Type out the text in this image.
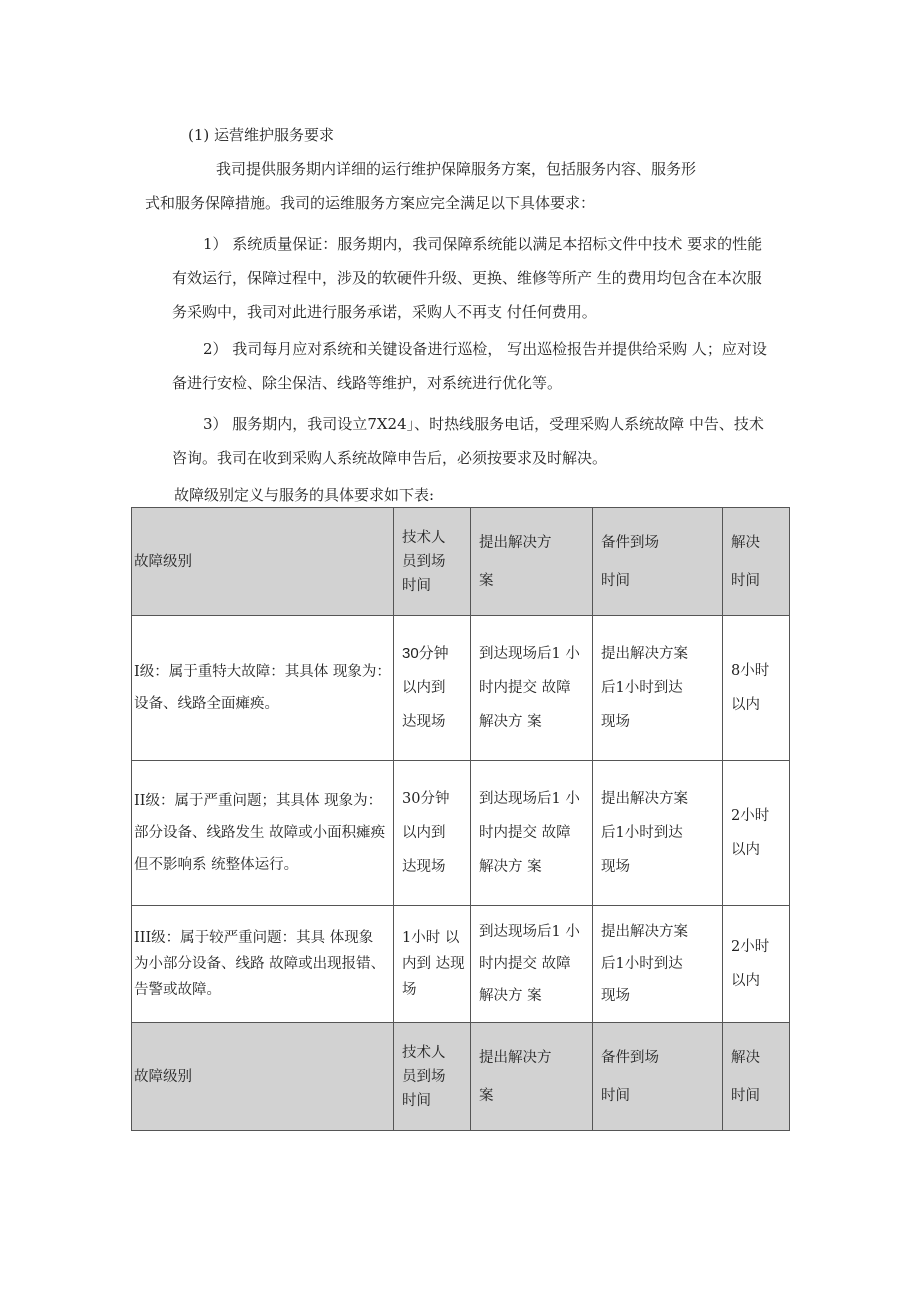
(1) 运营维护服务要求
我司提供服务期内详细的运行维护保障服务方案，包括服务内容、服务形
式和服务保障措施。我司的运维服务方案应完全满足以下具体要求：
1） 系统质量保证：服务期内，我司保障系统能以满足本招标文件中技术 要求的性能
有效运行，保障过程中，涉及的软硬件升级、更换、维修等所产 生的费用均包含在本次服
务采购中，我司对此进行服务承诺，采购人不再支 付任何费用。
2） 我司每月应对系统和关键设备进行巡检， 写出巡检报告并提供给采购 人；应对设
备进行安检、除尘保洁、线路等维护，对系统进行优化等。
3） 服务期内，我司设立7X24」、时热线服务电话，受理采购人系统故障 中告、技术
咨询。我司在收到采购人系统故障申告后，必须按要求及时解决。
故障级别定义与服务的具体要求如下表:
故障级别	技术人
员到场
时间	提出解决方
案	备件到场
时间	解决
时间

I级：属于重特大故障：其具体 现象为：
设备、线路全面瘫痪。	30分钟
以内到
达现场	到达现场后1 小
时内提交 故障
解决方 案	提出解决方案
后1小时到达
现场	8小时
以内

II级：属于严重问题；其具体 现象为：
部分设备、线路发生 故障或小面积瘫痪
但不影响系 统整体运行。	30分钟
以内到
达现场	到达现场后1 小
时内提交 故障
解决方 案	提出解决方案
后1小时到达
现场	2小时
以内

III级：属于较严重问题：其具 体现象
为小部分设备、线路 故障或出现报错、
告警或故障。	1小时 以
内到 达现
场	到达现场后1 小
时内提交 故障
解决方 案	提出解决方案
后1小时到达
现场	2小时
以内

故障级别	技术人
员到场
时间	提出解决方
案	备件到场
时间	解决
时间
